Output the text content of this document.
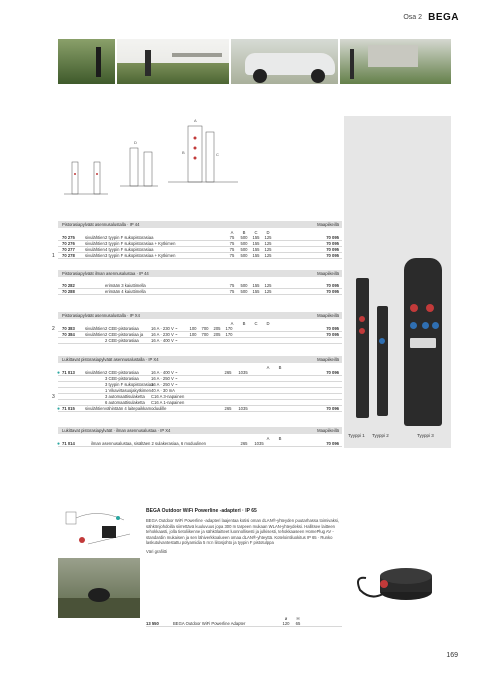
Osa 2 BEGA
A
B	C
D
Tyyppi 1 Tyyppi 2	Tyyppi 3
Pistorasiapylväät asennusalustalla · IP 44	Maapiikeillä
A	B	C	D
70 275	sivulähtien 2 tyypin F sukopistorasiaa	75	500	155	125	70 095
70 276	sivulähtien 3 tyypin F sukopistorasiaa + Kytkimen	75	500	155	125	70 095
70 277	sivulähtien 4 tyypin F sukopistorasiaa	75	500	155	125	70 095
1	70 278	sivulähtien 3 tyypin F sukopistorasiaa + Kytkimen	75	500	155	125	70 095
Pistorasiapylväät ilman asennusalustaa · IP 44	Maapiikeillä
70 282	erimään 3 kaiuttimella	75	500	155	125	70 095
70 288	erimään 4 kaiuttimella	75	500	155	125	70 095
Pistorasiapylväät asennusalustalla · IP X4	Maapiikeillä
A	B	C	D
2	70 383	sivulähtien 2 CEE-pistorasiaa	16 A · 230 V ~	100	700	205	170	70 095
70 384	sivulähtien 2 CEE-pistorasiaa ja	16 A · 230 V ~	100	700	205	170	70 095
2 CEE-pistorasiaa	16 A · 400 V ~
Lukittavat pistorasiapylväät asennusalustalla · IP X4	Maapiikeillä
A	B
● 71 013	sivulähtien 2 CEE-pistorasiaa	16 A · 400 V ~	265	1035	70 096
3 CEE-pistorasiaa	16 A · 250 V ~
3 tyypin F sukopistorasiaa
16 A · 250 V ~
1 Vikavirtasuojakytkimen 40 A · 30 mA
3	3 automaattisulaketta	C16 A 3-napainen
6 automaattisulaketta	C16 A 1-napainen
● 71 015	sivulähtien vähintään 4 laitepaikkamoduulille	265	1035	70 096
Lukittavat pistorasiapylväät · ilman asennusalustaa · IP X4	Maapiikeillä
A	B
● 71 014	ilman asennusalustaa, sisältäen 2 sulakerasiaa, 6 moduulinen	265	1035	70 096
BEGA Outdoor WiFi Powerline -adapteri · IP 65
BEGA Outdoor WiFi Powerline -adapteri laajentaa kotisi oman dLAN®-yhteyden puutarhassa toimivaksi, sähkönjohdoilla siirrettävä kuuluvuus jopa 300 m tarpeen mukaan WLAN-yhteydeksi. Hallitsee laitteen tehokkaasti, jolla tietoliikenne ja sähkölaitteet luonnollisesti ja julkisesti, tehokkaaseen HomePlug AV -standardin mukaisen ja sen lähiverkkoalueen omaa dLAN®-yhteyttä. Kotelointiluokitus IP 65 · Runko laskutulvantestattu polyamidia 5 m:n liitosjohto ja tyypin F pistotulppa
Väri grafiitti
ø	H
13 550	BEGA Outdoor WiFi Powerline Adapter	120	65
169
